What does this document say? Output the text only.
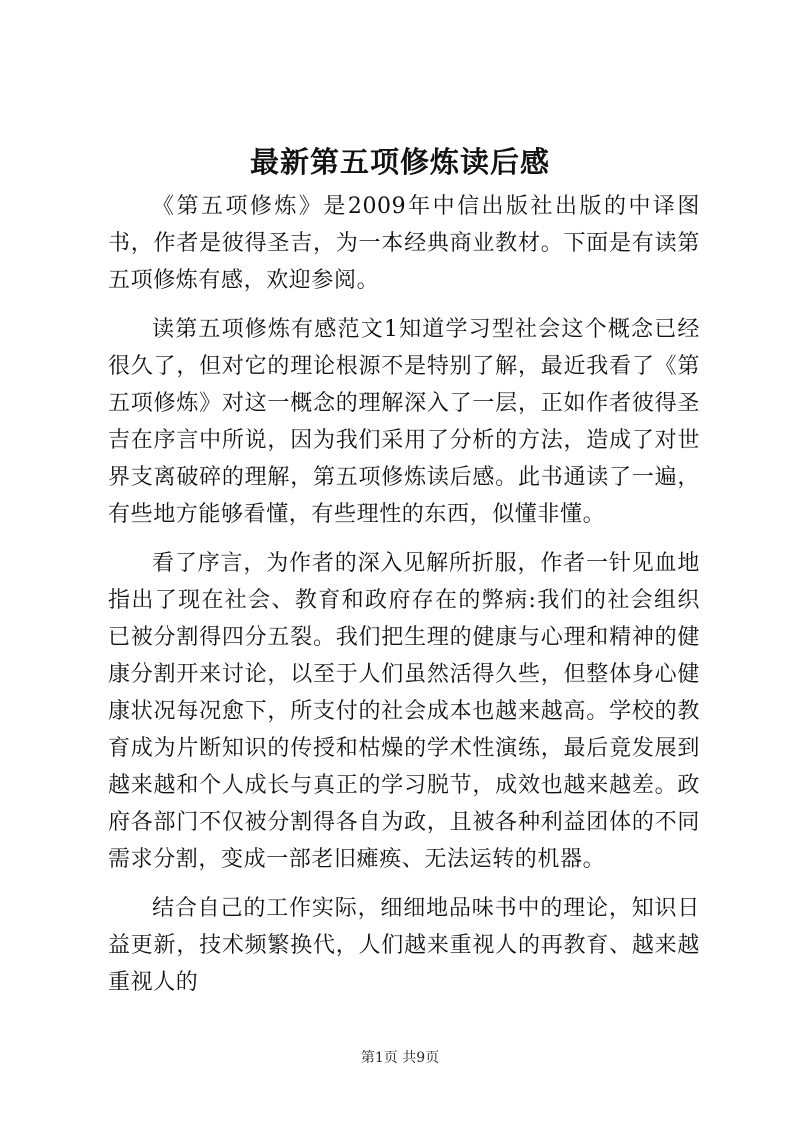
最新第五项修炼读后感

《第五项修炼》是2009年中信出版社出版的中译图书，作者是彼得圣吉，为一本经典商业教材。下面是有读第五项修炼有感，欢迎参阅。

读第五项修炼有感范文1知道学习型社会这个概念已经很久了，但对它的理论根源不是特别了解，最近我看了《第五项修炼》对这一概念的理解深入了一层，正如作者彼得圣吉在序言中所说，因为我们采用了分析的方法，造成了对世界支离破碎的理解，第五项修炼读后感。此书通读了一遍，有些地方能够看懂，有些理性的东西，似懂非懂。

看了序言，为作者的深入见解所折服，作者一针见血地指出了现在社会、教育和政府存在的弊病:我们的社会组织已被分割得四分五裂。我们把生理的健康与心理和精神的健康分割开来讨论，以至于人们虽然活得久些，但整体身心健康状况每况愈下，所支付的社会成本也越来越高。学校的教育成为片断知识的传授和枯燥的学术性演练，最后竟发展到越来越和个人成长与真正的学习脱节，成效也越来越差。政府各部门不仅被分割得各自为政，且被各种利益团体的不同需求分割，变成一部老旧瘫痪、无法运转的机器。

结合自己的工作实际，细细地品味书中的理论，知识日益更新，技术频繁换代，人们越来重视人的再教育、越来越重视人的

第1页 共9页
